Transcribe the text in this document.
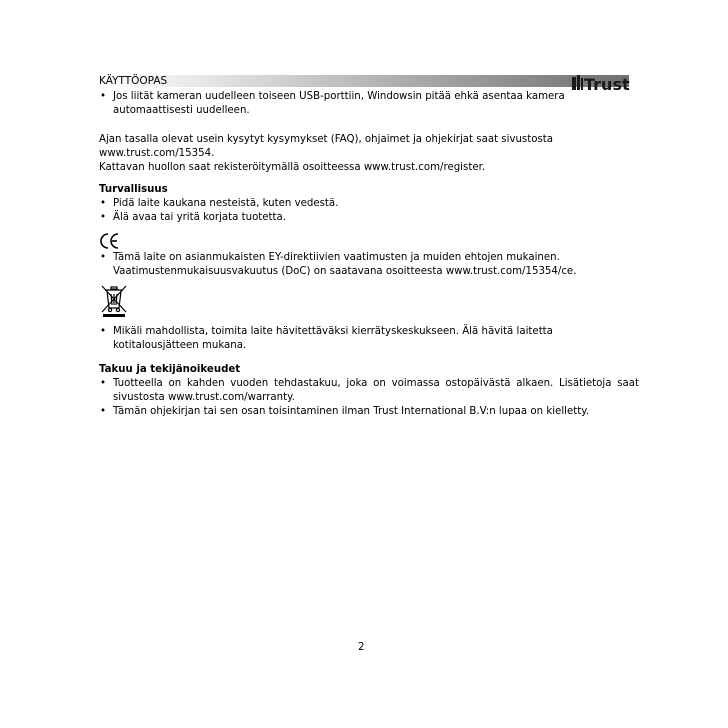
KÄYTTÖOPAS	Trust

• Jos liität kameran uudelleen toiseen USB-porttiin, Windowsin pitää ehkä asentaa kamera automaattisesti uudelleen.

Ajan tasalla olevat usein kysytyt kysymykset (FAQ), ohjaimet ja ohjekirjat saat sivustosta www.trust.com/15354.

Kattavan huollon saat rekisteröitymällä osoitteessa www.trust.com/register.

Turvallisuus

• Pidä laite kaukana nesteistä, kuten vedestä.

• Älä avaa tai yritä korjata tuotetta.

• Tämä laite on asianmukaisten EY-direktiivien vaatimusten ja muiden ehtojen mukainen. Vaatimustenmukaisuusvakuutus (DoC) on saatavana osoitteesta www.trust.com/15354/ce.

• Mikäli mahdollista, toimita laite hävitettäväksi kierrätyskeskukseen. Älä hävitä laitetta kotitalousjätteen mukana.

Takuu ja tekijänoikeudet

• Tuotteella on kahden vuoden tehdastakuu, joka on voimassa ostopäivästä alkaen. Lisätietoja saat sivustosta www.trust.com/warranty.

• Tämän ohjekirjan tai sen osan toisintaminen ilman Trust International B.V:n lupaa on kielletty.

2
